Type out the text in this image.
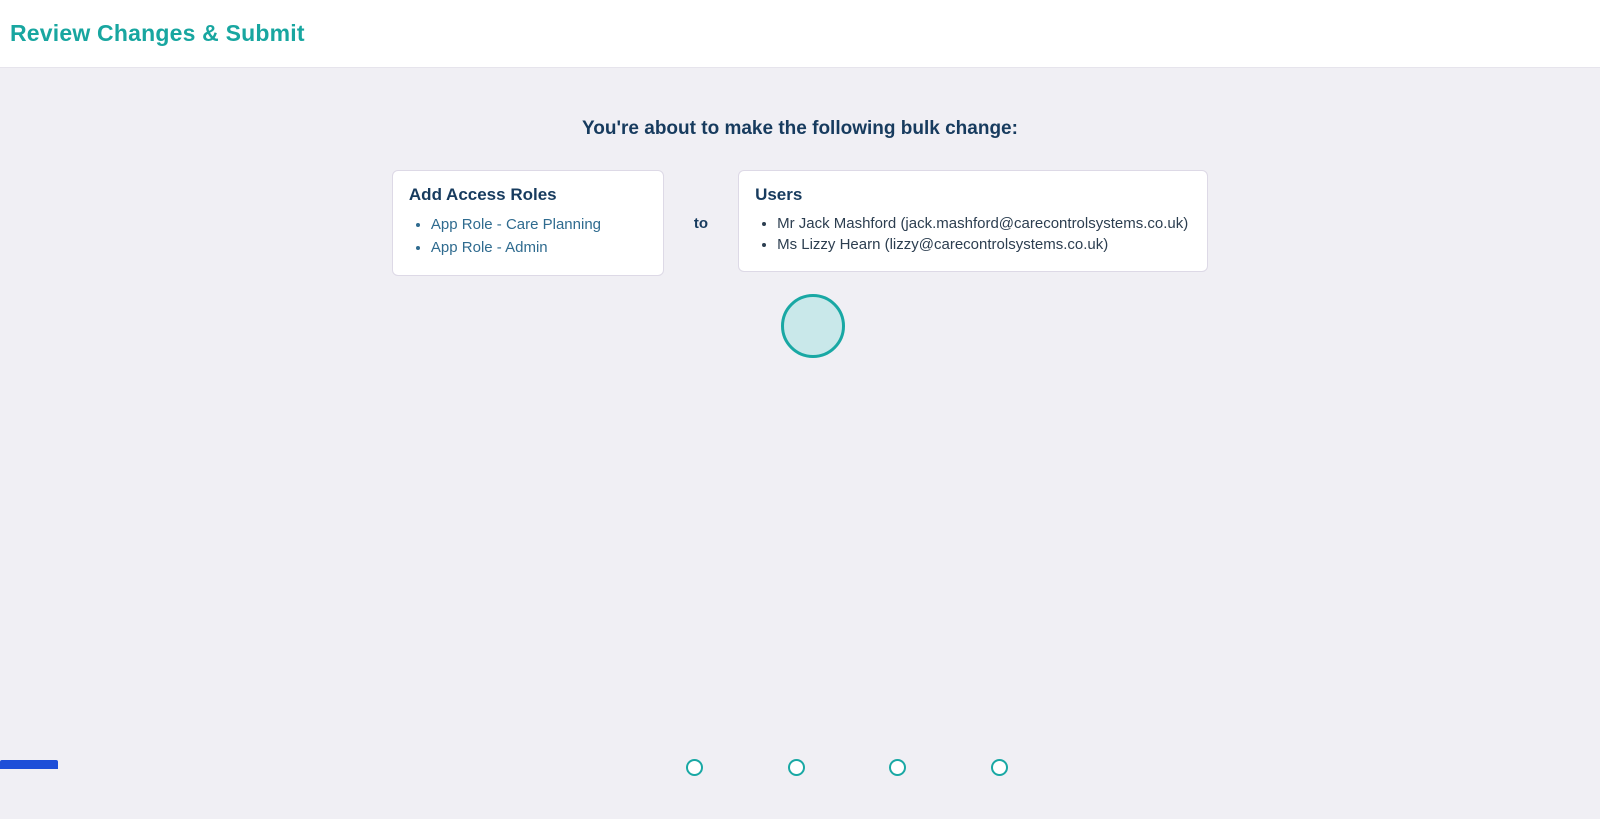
Review Changes & Submit
You're about to make the following bulk change:
Add Access Roles
• App Role - Care Planning
• App Role - Admin
to
Users
• Mr Jack Mashford (jack.mashford@carecontrolsystems.co.uk)
• Ms Lizzy Hearn (lizzy@carecontrolsystems.co.uk)
